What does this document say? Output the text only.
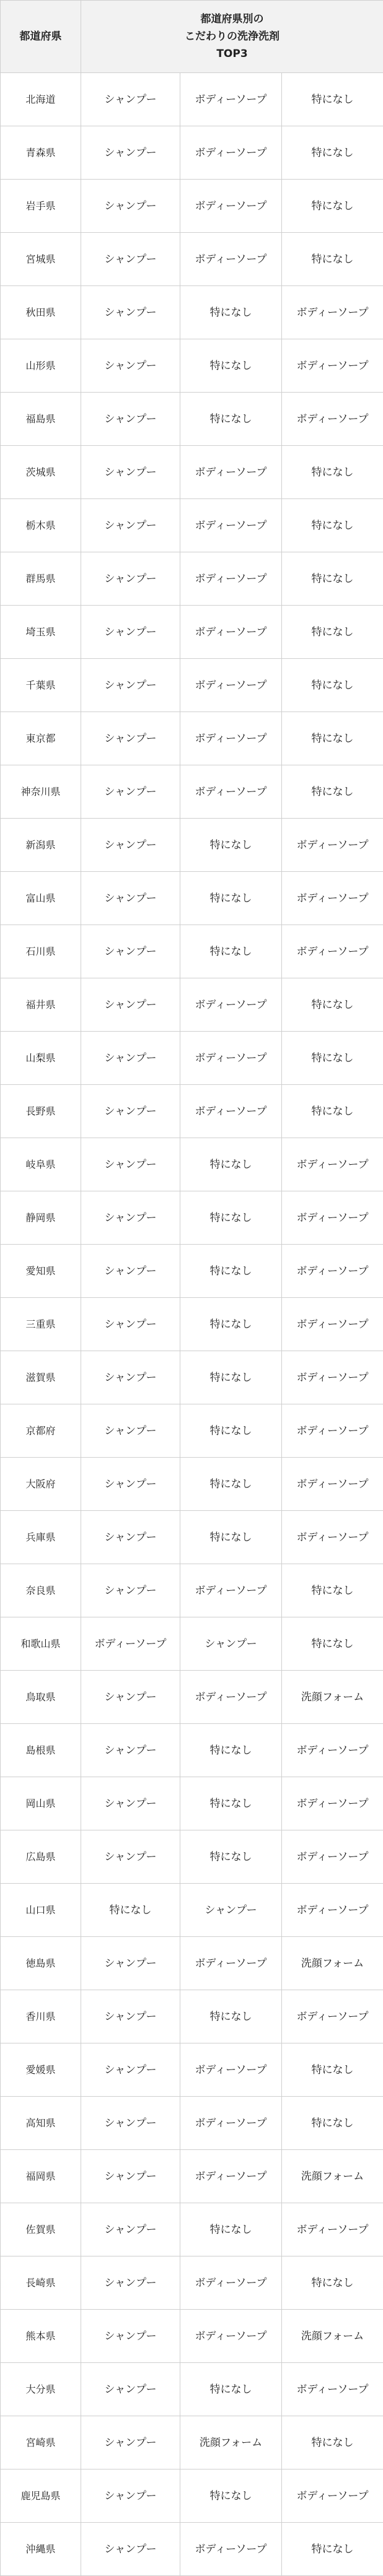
都道府県	都道府県別の
こだわりの洗浄洗剤
TOP3		

北海道	シャンプー	ボディーソープ	特になし
青森県	シャンプー	ボディーソープ	特になし
岩手県	シャンプー	ボディーソープ	特になし
宮城県	シャンプー	ボディーソープ	特になし
秋田県	シャンプー	特になし	ボディーソープ
山形県	シャンプー	特になし	ボディーソープ
福島県	シャンプー	特になし	ボディーソープ
茨城県	シャンプー	ボディーソープ	特になし
栃木県	シャンプー	ボディーソープ	特になし
群馬県	シャンプー	ボディーソープ	特になし
埼玉県	シャンプー	ボディーソープ	特になし
千葉県	シャンプー	ボディーソープ	特になし
東京都	シャンプー	ボディーソープ	特になし
神奈川県	シャンプー	ボディーソープ	特になし
新潟県	シャンプー	特になし	ボディーソープ
富山県	シャンプー	特になし	ボディーソープ
石川県	シャンプー	特になし	ボディーソープ
福井県	シャンプー	ボディーソープ	特になし
山梨県	シャンプー	ボディーソープ	特になし
長野県	シャンプー	ボディーソープ	特になし
岐阜県	シャンプー	特になし	ボディーソープ
静岡県	シャンプー	特になし	ボディーソープ
愛知県	シャンプー	特になし	ボディーソープ
三重県	シャンプー	特になし	ボディーソープ
滋賀県	シャンプー	特になし	ボディーソープ
京都府	シャンプー	特になし	ボディーソープ
大阪府	シャンプー	特になし	ボディーソープ
兵庫県	シャンプー	特になし	ボディーソープ
奈良県	シャンプー	ボディーソープ	特になし
和歌山県	ボディーソープ	シャンプー	特になし
鳥取県	シャンプー	ボディーソープ	洗顔フォーム
島根県	シャンプー	特になし	ボディーソープ
岡山県	シャンプー	特になし	ボディーソープ
広島県	シャンプー	特になし	ボディーソープ
山口県	特になし	シャンプー	ボディーソープ
徳島県	シャンプー	ボディーソープ	洗顔フォーム
香川県	シャンプー	特になし	ボディーソープ
愛媛県	シャンプー	ボディーソープ	特になし
高知県	シャンプー	ボディーソープ	特になし
福岡県	シャンプー	ボディーソープ	洗顔フォーム
佐賀県	シャンプー	特になし	ボディーソープ
長崎県	シャンプー	ボディーソープ	特になし
熊本県	シャンプー	ボディーソープ	洗顔フォーム
大分県	シャンプー	特になし	ボディーソープ
宮崎県	シャンプー	洗顔フォーム	特になし
鹿児島県	シャンプー	特になし	ボディーソープ
沖縄県	シャンプー	ボディーソープ	特になし
